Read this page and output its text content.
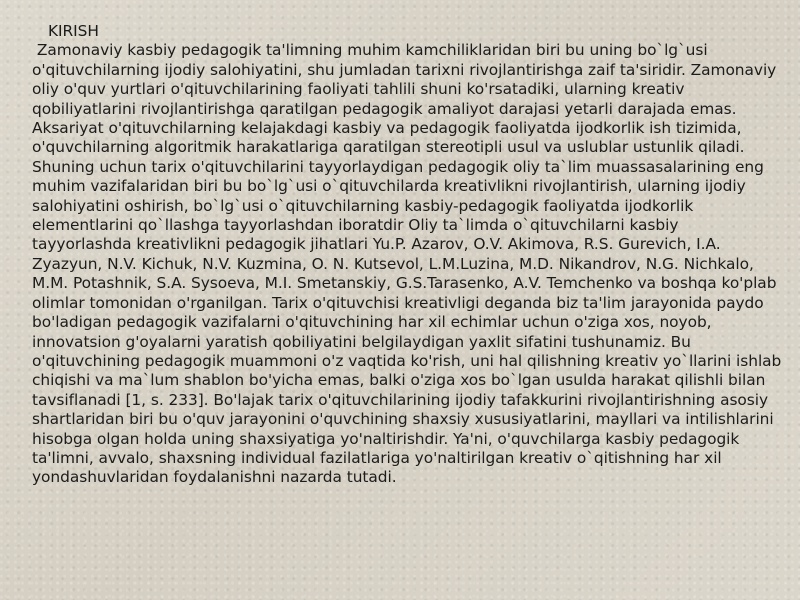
KIRISH
Zamonaviy kasbiy pedagogik ta'limning muhim kamchiliklaridan biri bu uning bo`lg`usi o'qituvchilarning ijodiy salohiyatini, shu jumladan tarixni rivojlantirishga zaif ta'siridir. Zamonaviy oliy o'quv yurtlari o'qituvchilarining faoliyati tahlili shuni ko'rsatadiki, ularning kreativ qobiliyatlarini rivojlantirishga qaratilgan pedagogik amaliyot darajasi yetarli darajada emas. Aksariyat o'qituvchilarning kelajakdagi kasbiy va pedagogik faoliyatda ijodkorlik ish tizimida, o'quvchilarning algoritmik harakatlariga qaratilgan stereotipli usul va uslublar ustunlik qiladi. Shuning uchun tarix o'qituvchilarini tayyorlaydigan pedagogik oliy ta`lim muassasalarining eng muhim vazifalaridan biri bu bo`lg`usi o`qituvchilarda kreativlikni rivojlantirish, ularning ijodiy salohiyatini oshirish, bo`lg`usi o`qituvchilarning kasbiy-pedagogik faoliyatda ijodkorlik elementlarini qo`llashga tayyorlashdan iboratdir Oliy ta`limda o`qituvchilarni kasbiy tayyorlashda kreativlikni pedagogik jihatlari Yu.P. Azarov, O.V. Akimova, R.S. Gurevich, I.A. Zyazyun, N.V. Kichuk, N.V. Kuzmina, O. N. Kutsevol, L.M.Luzina, M.D. Nikandrov, N.G. Nichkalo, M.M. Potashnik, S.A. Sysoeva, M.I. Smetanskiy, G.S.Tarasenko, A.V. Temchenko va boshqa ko'plab olimlar tomonidan o'rganilgan. Tarix o'qituvchisi kreativligi deganda biz ta'lim jarayonida paydo bo'ladigan pedagogik vazifalarni o'qituvchining har xil echimlar uchun o'ziga xos, noyob, innovatsion g'oyalarni yaratish qobiliyatini belgilaydigan yaxlit sifatini tushunamiz. Bu o'qituvchining pedagogik muammoni o'z vaqtida ko'rish, uni hal qilishning kreativ yo`llarini ishlab chiqishi va ma`lum shablon bo'yicha emas, balki o'ziga xos bo`lgan usulda harakat qilishli bilan tavsiflanadi [1, s. 233]. Bo'lajak tarix o'qituvchilarining ijodiy tafakkurini rivojlantirishning asosiy shartlaridan biri bu o'quv jarayonini o'quvchining shaxsiy xususiyatlarini, mayllari va intilishlarini hisobga olgan holda uning shaxsiyatiga yo'naltirishdir. Ya'ni, o'quvchilarga kasbiy pedagogik ta'limni, avvalo, shaxsning individual fazilatlariga yo'naltirilgan kreativ o`qitishning har xil yondashuvlaridan foydalanishni nazarda tutadi.
